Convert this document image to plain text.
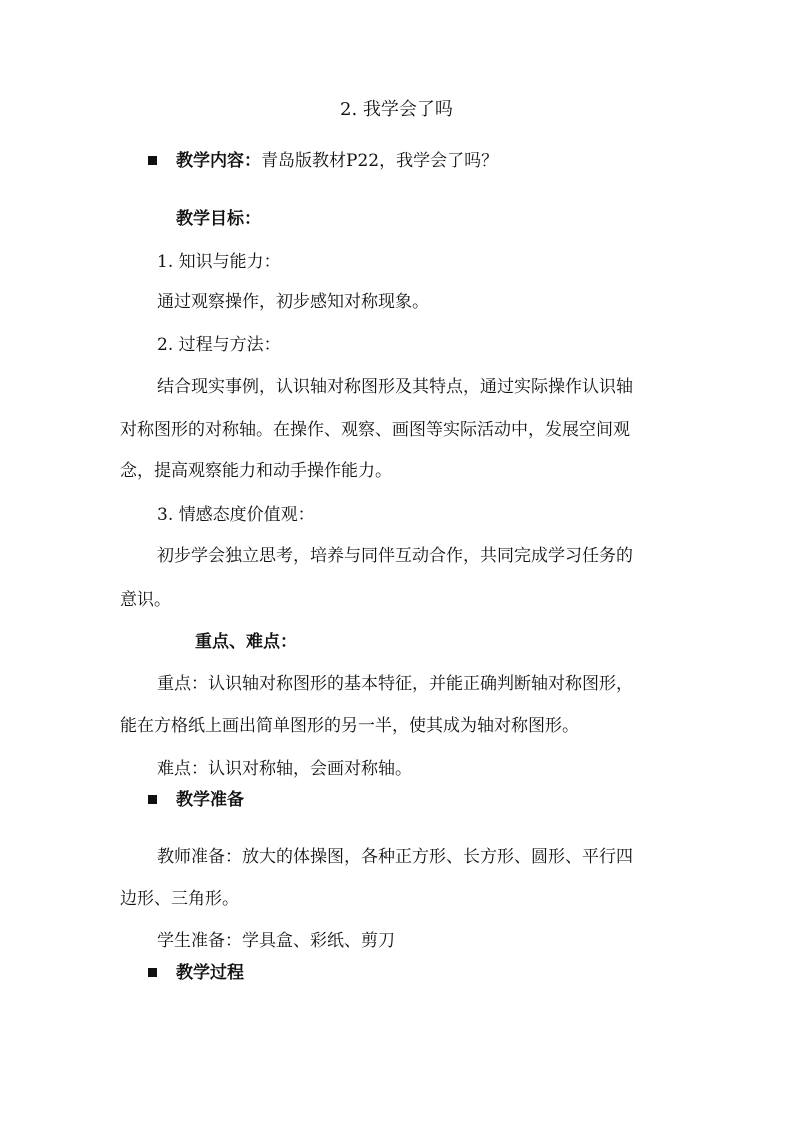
2. 我学会了吗

教学内容：青岛版教材P22，我学会了吗？

教学目标：

1. 知识与能力：

通过观察操作，初步感知对称现象。

2. 过程与方法：

结合现实事例，认识轴对称图形及其特点，通过实际操作认识轴

对称图形的对称轴。在操作、观察、画图等实际活动中，发展空间观

念，提高观察能力和动手操作能力。

3. 情感态度价值观：

初步学会独立思考，培养与同伴互动合作，共同完成学习任务的

意识。

重点、难点：

重点：认识轴对称图形的基本特征，并能正确判断轴对称图形，

能在方格纸上画出简单图形的另一半，使其成为轴对称图形。

难点：认识对称轴，会画对称轴。

教学准备

教师准备：放大的体操图，各种正方形、长方形、圆形、平行四

边形、三角形。

学生准备：学具盒、彩纸、剪刀

教学过程
